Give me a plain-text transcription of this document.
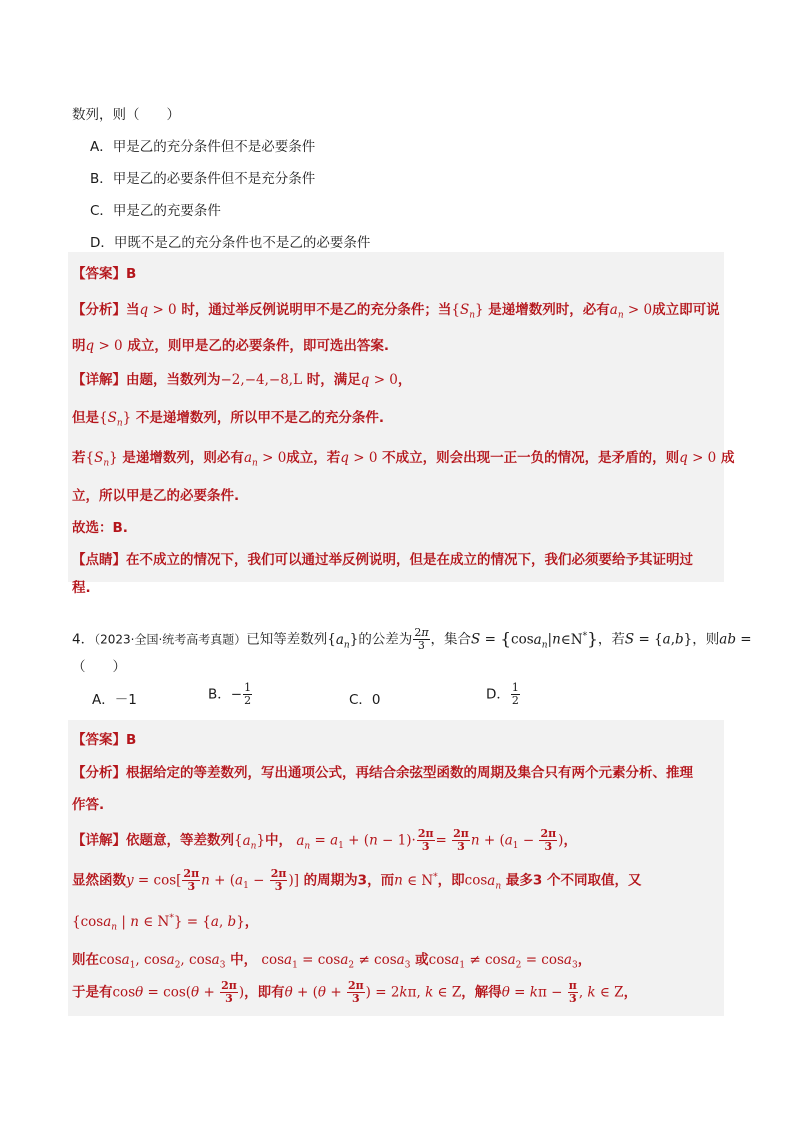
数列，则（　　）
A．甲是乙的充分条件但不是必要条件
B．甲是乙的必要条件但不是充分条件
C．甲是乙的充要条件
D．甲既不是乙的充分条件也不是乙的必要条件
【答案】B
【分析】当q > 0 时，通过举反例说明甲不是乙的充分条件；当$\{S_n\}$ 是递增数列时，必有$a_n > 0$成立即可说
明q > 0 成立，则甲是乙的必要条件，即可选出答案.
【详解】由题，当数列为−2,−4,−8,L 时，满足q > 0，
但是$\{S_n\}$ 不是递增数列，所以甲不是乙的充分条件.
若$\{S_n\}$ 是递增数列，则必有$a_n > 0$成立，若q > 0 不成立，则会出现一正一负的情况，是矛盾的，则q > 0 成
立，所以甲是乙的必要条件.
故选：B.
【点睛】在不成立的情况下，我们可以通过举反例说明，但是在成立的情况下，我们必须要给予其证明过
程.
4．（2023·全国·统考高考真题）已知等差数列$\{a_n\}$的公差为 $\frac{2\pi}{3}$ ，集合S = {cosa$_n$|n∈N*}，若S = {a,b}，则ab =
（　　）
A．－1	B．− $\frac{1}{2}$	C．0	D． $\frac{1}{2}$
【答案】B
【分析】根据给定的等差数列，写出通项公式，再结合余弦型函数的周期及集合只有两个元素分析、推理
作答.
【详解】依题意，等差数列$\{a_n\}$中， $a_n = a_1 + (n - 1)\cdot \frac{2\pi}{3} = \frac{2\pi}{3}$ $n + (a_1 - \frac{2\pi}{3}$ )，
显然函数$y = \cos[ \frac{2\pi}{3}$ $n + (a_1 - \frac{2\pi}{3}$ )] 的周期为3，而n ∈ N*，即cosa$_n$ 最多3 个不同取值，又
{cosa$_n$ | n ∈ N*} = {a, b}，
则在cosa$_1$, cosa$_2$, cosa$_3$ 中， cosa$_1$ = cosa$_2$ ≠ cosa$_3$ 或cosa$_1$ ≠ cosa$_2$ = cosa$_3$，
于是有$\cos\theta = \cos(\theta + \frac{2\pi}{3}$ )，即有$\theta + (\theta + \frac{2\pi}{3}$ ) = 2kπ, k ∈ Z，解得$\theta = k\pi - \frac{\pi}{3}$ , k ∈ Z，
